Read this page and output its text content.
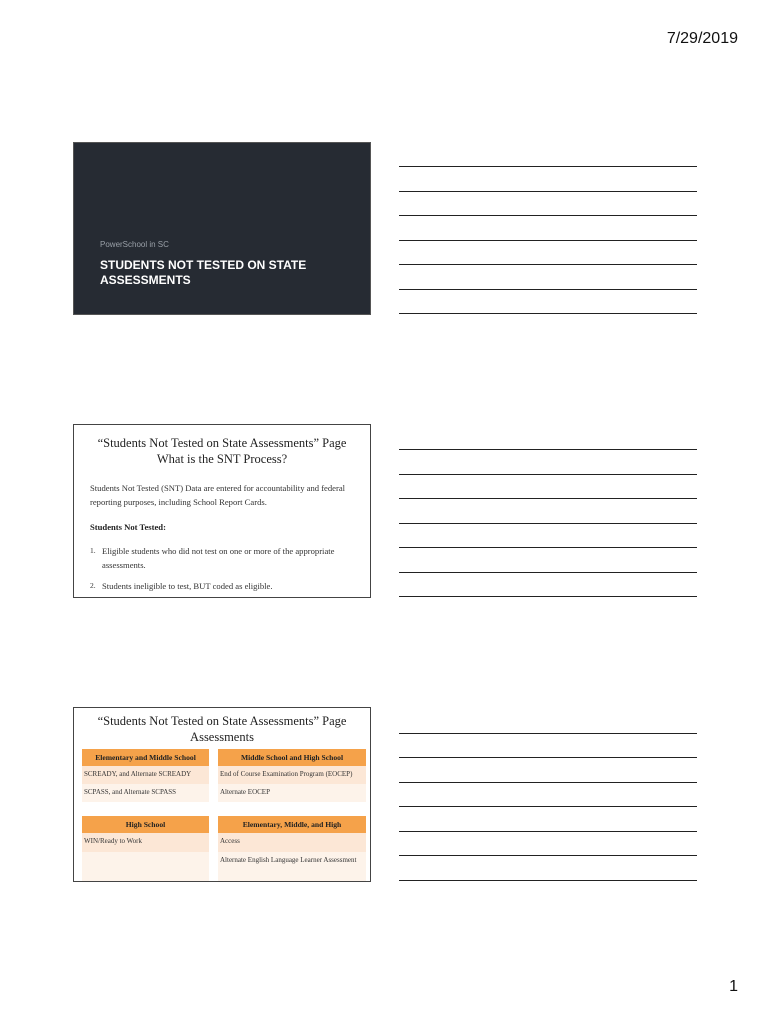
7/29/2019
PowerSchool in SC
STUDENTS NOT TESTED ON STATE ASSESSMENTS
“Students Not Tested on State Assessments” Page
What is the SNT Process?
Students Not Tested (SNT) Data are entered for accountability and federal reporting purposes, including School Report Cards.
Students Not Tested:
1. Eligible students who did not test on one or more of the appropriate assessments.
2. Students ineligible to test, BUT coded as eligible.
“Students Not Tested on State Assessments” Page
Assessments
Elementary and Middle School
SCREADY, and Alternate SCREADY
SCPASS, and Alternate SCPASS
Middle School and High School
End of Course Examination Program (EOCEP)
Alternate EOCEP
High School
WIN/Ready to Work
Elementary, Middle, and High
Access
Alternate English Language Learner Assessment
1
